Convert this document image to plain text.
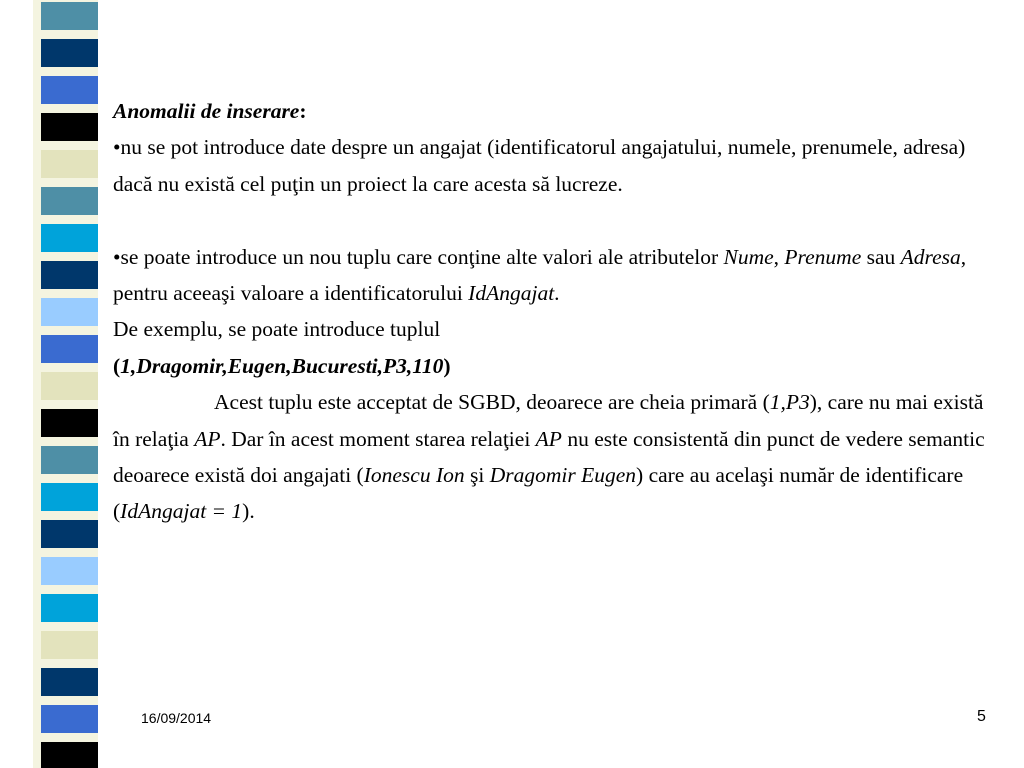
Anomalii de inserare:

•nu se pot introduce date despre un angajat (identificatorul angajatului, numele, prenumele, adresa) dacă nu există cel puţin un proiect la care acesta să lucreze.

•se poate introduce un nou tuplu care conţine alte valori ale atributelor Nume, Prenume sau Adresa, pentru aceeaşi valoare a identificatorului IdAngajat.

De exemplu, se poate introduce tuplul

(1,Dragomir,Eugen,Bucuresti,P3,110)

Acest tuplu este acceptat de SGBD, deoarece are cheia primară (1,P3), care nu mai există în relaţia AP. Dar în acest moment starea relaţiei AP nu este consistentă din punct de vedere semantic deoarece există doi angajati (Ionescu Ion şi Dragomir Eugen) care au acelaşi număr de identificare (IdAngajat = 1).

16/09/2014	5
